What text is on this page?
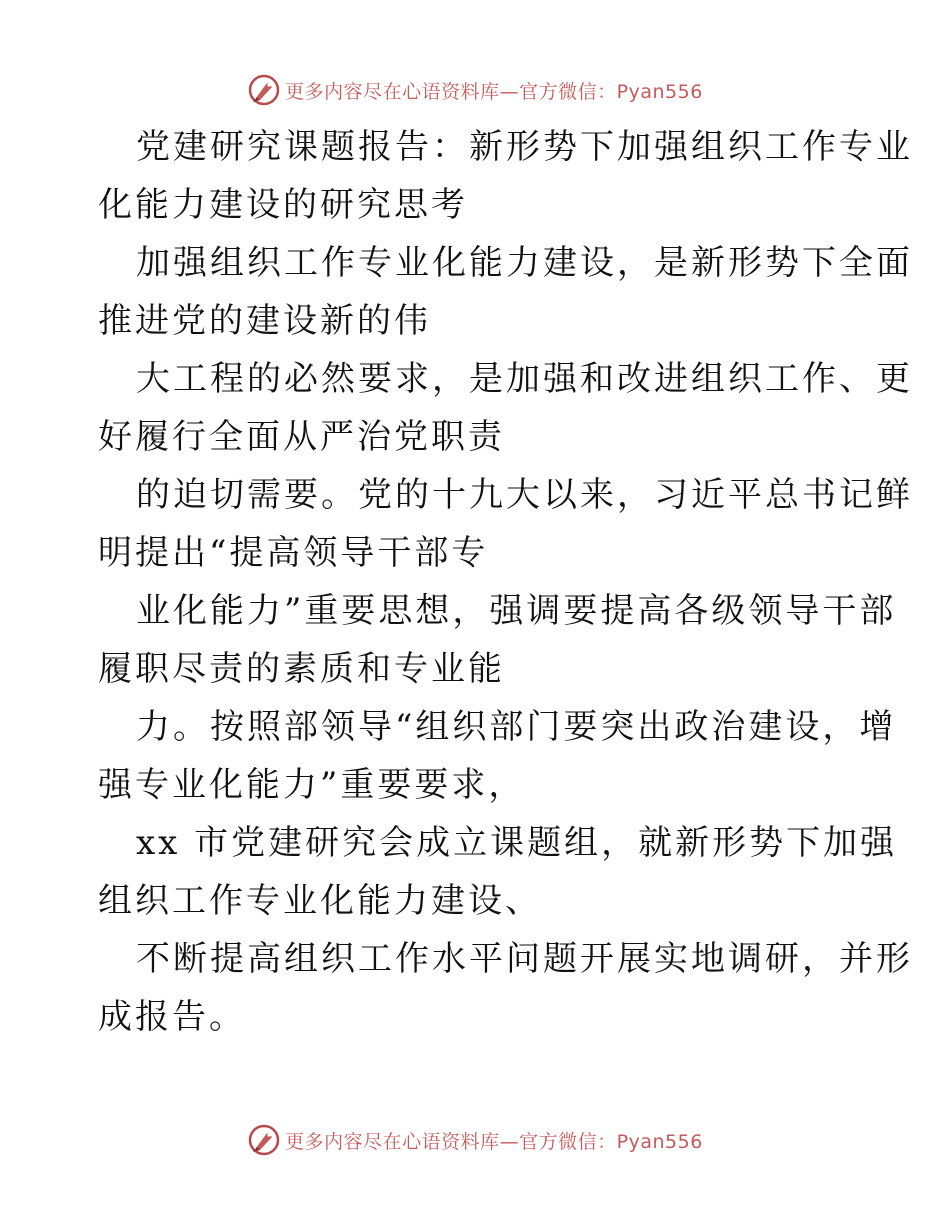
更多内容尽在心语资料库—官方微信：Pyan556
党建研究课题报告：新形势下加强组织工作专业
化能力建设的研究思考
加强组织工作专业化能力建设，是新形势下全面
推进党的建设新的伟
大工程的必然要求，是加强和改进组织工作、更
好履行全面从严治党职责
的迫切需要。党的十九大以来，习近平总书记鲜
明提出“提高领导干部专
业化能力”重要思想，强调要提高各级领导干部
履职尽责的素质和专业能
力。按照部领导“组织部门要突出政治建设，增
强专业化能力”重要要求，
xx 市党建研究会成立课题组，就新形势下加强
组织工作专业化能力建设、
不断提高组织工作水平问题开展实地调研，并形
成报告。
更多内容尽在心语资料库—官方微信：Pyan556
